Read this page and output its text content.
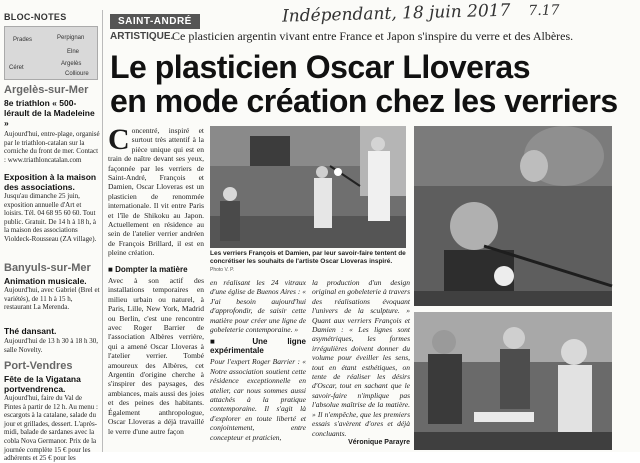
Indépendant, 18 juin 2017 7.17
BLOC-NOTES
Céret
Perpignan
Elne
Argelès
Prades
Collioure
Argelès-sur-Mer
8e triathlon « 500-lérault de la Madeleine »
Aujourd'hui, entre-plage, organisé par le triathlon-catalan sur la corniche du front de mer. Contact : www.triathloncatalan.com
Exposition à la maison des associations.
Jusqu'au dimanche 25 juin, exposition annuelle d'Art et loisirs. Tél. 04 68 95 60 60. Tout public. Gratuit. De 14 h à 18 h, à la maison des associations Violdeck-Rousseau (ZA village).
Banyuls-sur-Mer
Animation musicale.
Aujourd'hui, avec Gabriel (Brel et variétés), de 11 h à 15 h, restaurant La Merenda.
Thé dansant.
Aujourd'hui de 13 h 30 à 18 h 30, salle Novelty.
Port-Vendres
Fête de la Vigatana portvendrenca.
Aujourd'hui, faire du Val de Pintes à partir de 12 h. Au menu : escargots à la catalane, salade du jour et grillades, dessert. L'après-midi, balade de sardanes avec la cobla Nova Germanor. Prix de la journée complète 15 € pour les adhérents et 25 € pour les
SAINT-ANDRÉ
ARTISTIQUE.
Ce plasticien argentin vivant entre France et Japon s'inspire du verre et des Albères.
Le plasticien Oscar Lloveras
en mode création chez les verriers
Concentré, inspiré et surtout très attentif à la pièce unique qui est en train de naître devant ses yeux, façonnée par les verriers de Saint-André, François et Damien, Oscar Lloveras est un plasticien de renommée internationale. Il vit entre Paris et l'île de Shikoku au Japon. Actuellement en résidence au sein de l'atelier verrier andréen de François Brillard, il est en pleine création.
■ Dompter la matière
Avec à son actif des installations temporaires en milieu urbain ou naturel, à Paris, Lille, New York, Madrid ou Berlin, c'est une rencontre avec Roger Barrier de l'association Albères verrière, qui a amené Oscar Lloveras à l'atelier verrier. Tombé amoureux des Albères, cet Argentin d'origine cherche à s'inspirer des paysages, des ambiances, mais aussi des joies et des peines des habitants. Également anthropologue, Oscar Lloveras a déjà travaillé le verre d'une autre façon
en réalisant les 24 vitraux d'une église de Buenos Aires : « J'ai besoin aujourd'hui d'approfondir, de saisir cette matière pour créer une ligne de gobeleterie contemporaine. »
■ Une ligne expérimentale
Pour l'expert Roger Barrier : « Notre association soutient cette résidence exceptionnelle en atelier, car nous sommes aussi attachés à la pratique contemporaine. Il s'agit là d'explorer en toute liberté et conjointement, entre concepteur et praticien,
la production d'un design original en gobeleterie à travers des réalisations évoquant l'univers de la sculpture. » Quant aux verriers François et Damien : « Les lignes sont asymétriques, les formes irrégulières doivent donner du volume pour éveiller les sens, tout en étant esthétiques, on tente de réaliser les désirs d'Oscar, tout en sachant que le savoir-faire n'implique pas l'absolue maîtrise de la matière. » Il n'empêche, que les premiers essais s'avèrent d'ores et déjà concluants.
Véronique Parayre
Les verriers François et Damien, par leur savoir-faire tentent de concrétiser les souhaits de l'artiste Oscar Lloveras inspiré. Photo V. P.
